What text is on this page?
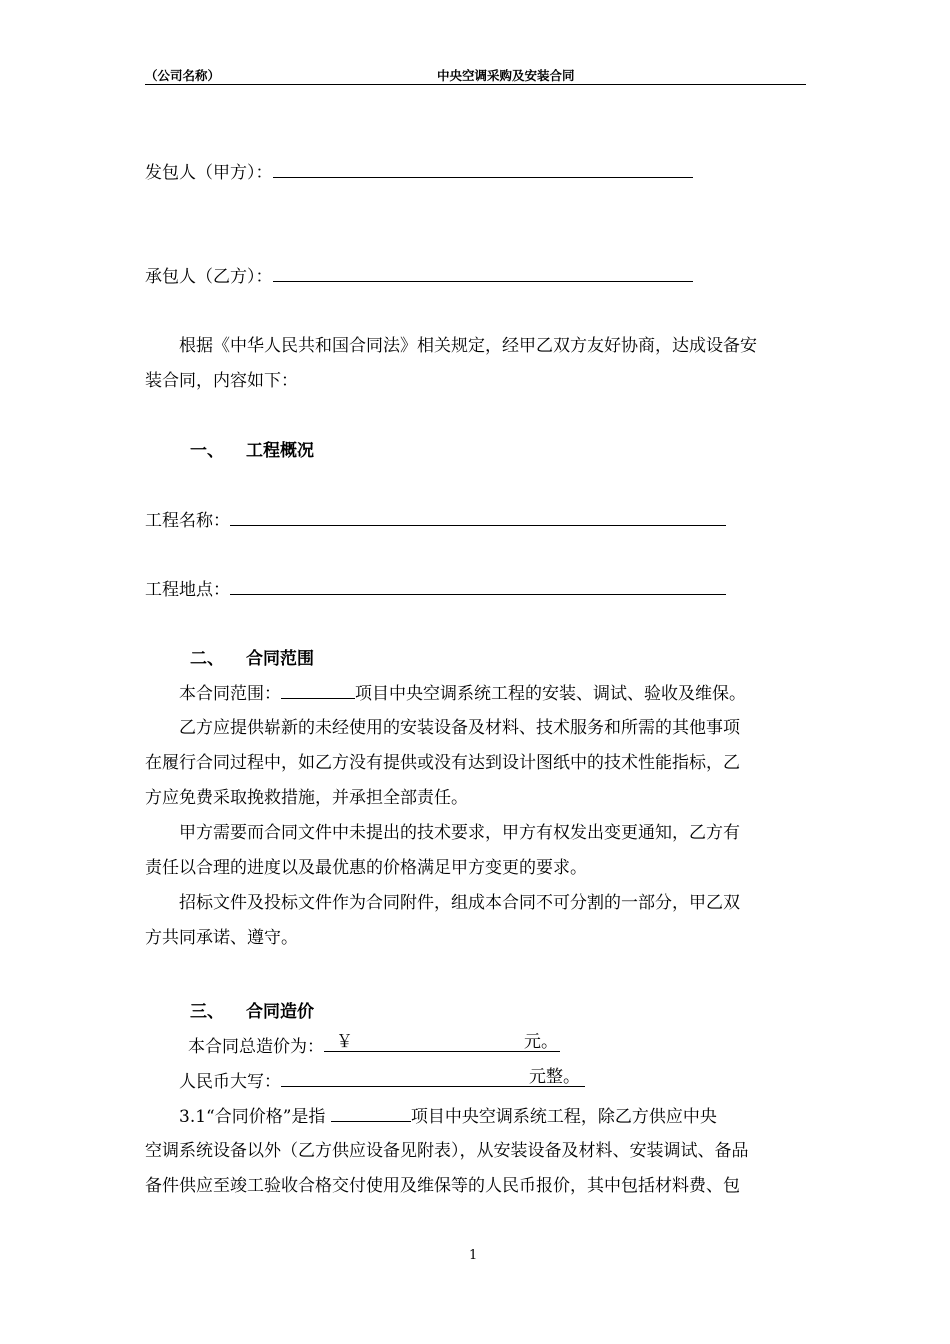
（公司名称）	中央空调采购及安装合同
发包人（甲方）：
承包人（乙方）：
根据《中华人民共和国合同法》相关规定，经甲乙双方友好协商，达成设备安
装合同，内容如下：
一、 工程概况
工程名称：
工程地点：
二、 合同范围
本合同范围：	项目中央空调系统工程的安装、调试、验收及维保。
乙方应提供崭新的未经使用的安装设备及材料、技术服务和所需的其他事项
在履行合同过程中，如乙方没有提供或没有达到设计图纸中的技术性能指标，乙
方应免费采取挽救措施，并承担全部责任。
甲方需要而合同文件中未提出的技术要求，甲方有权发出变更通知，乙方有
责任以合理的进度以及最优惠的价格满足甲方变更的要求。
招标文件及投标文件作为合同附件，组成本合同不可分割的一部分，甲乙双
方共同承诺、遵守。
三、 合同造价
本合同总造价为： ￥	元。
人民币大写：	元整。
3.1“合同价格”是指	项目中央空调系统工程，除乙方供应中央
空调系统设备以外（乙方供应设备见附表），从安装设备及材料、安装调试、备品
备件供应至竣工验收合格交付使用及维保等的人民币报价，其中包括材料费、包
1
